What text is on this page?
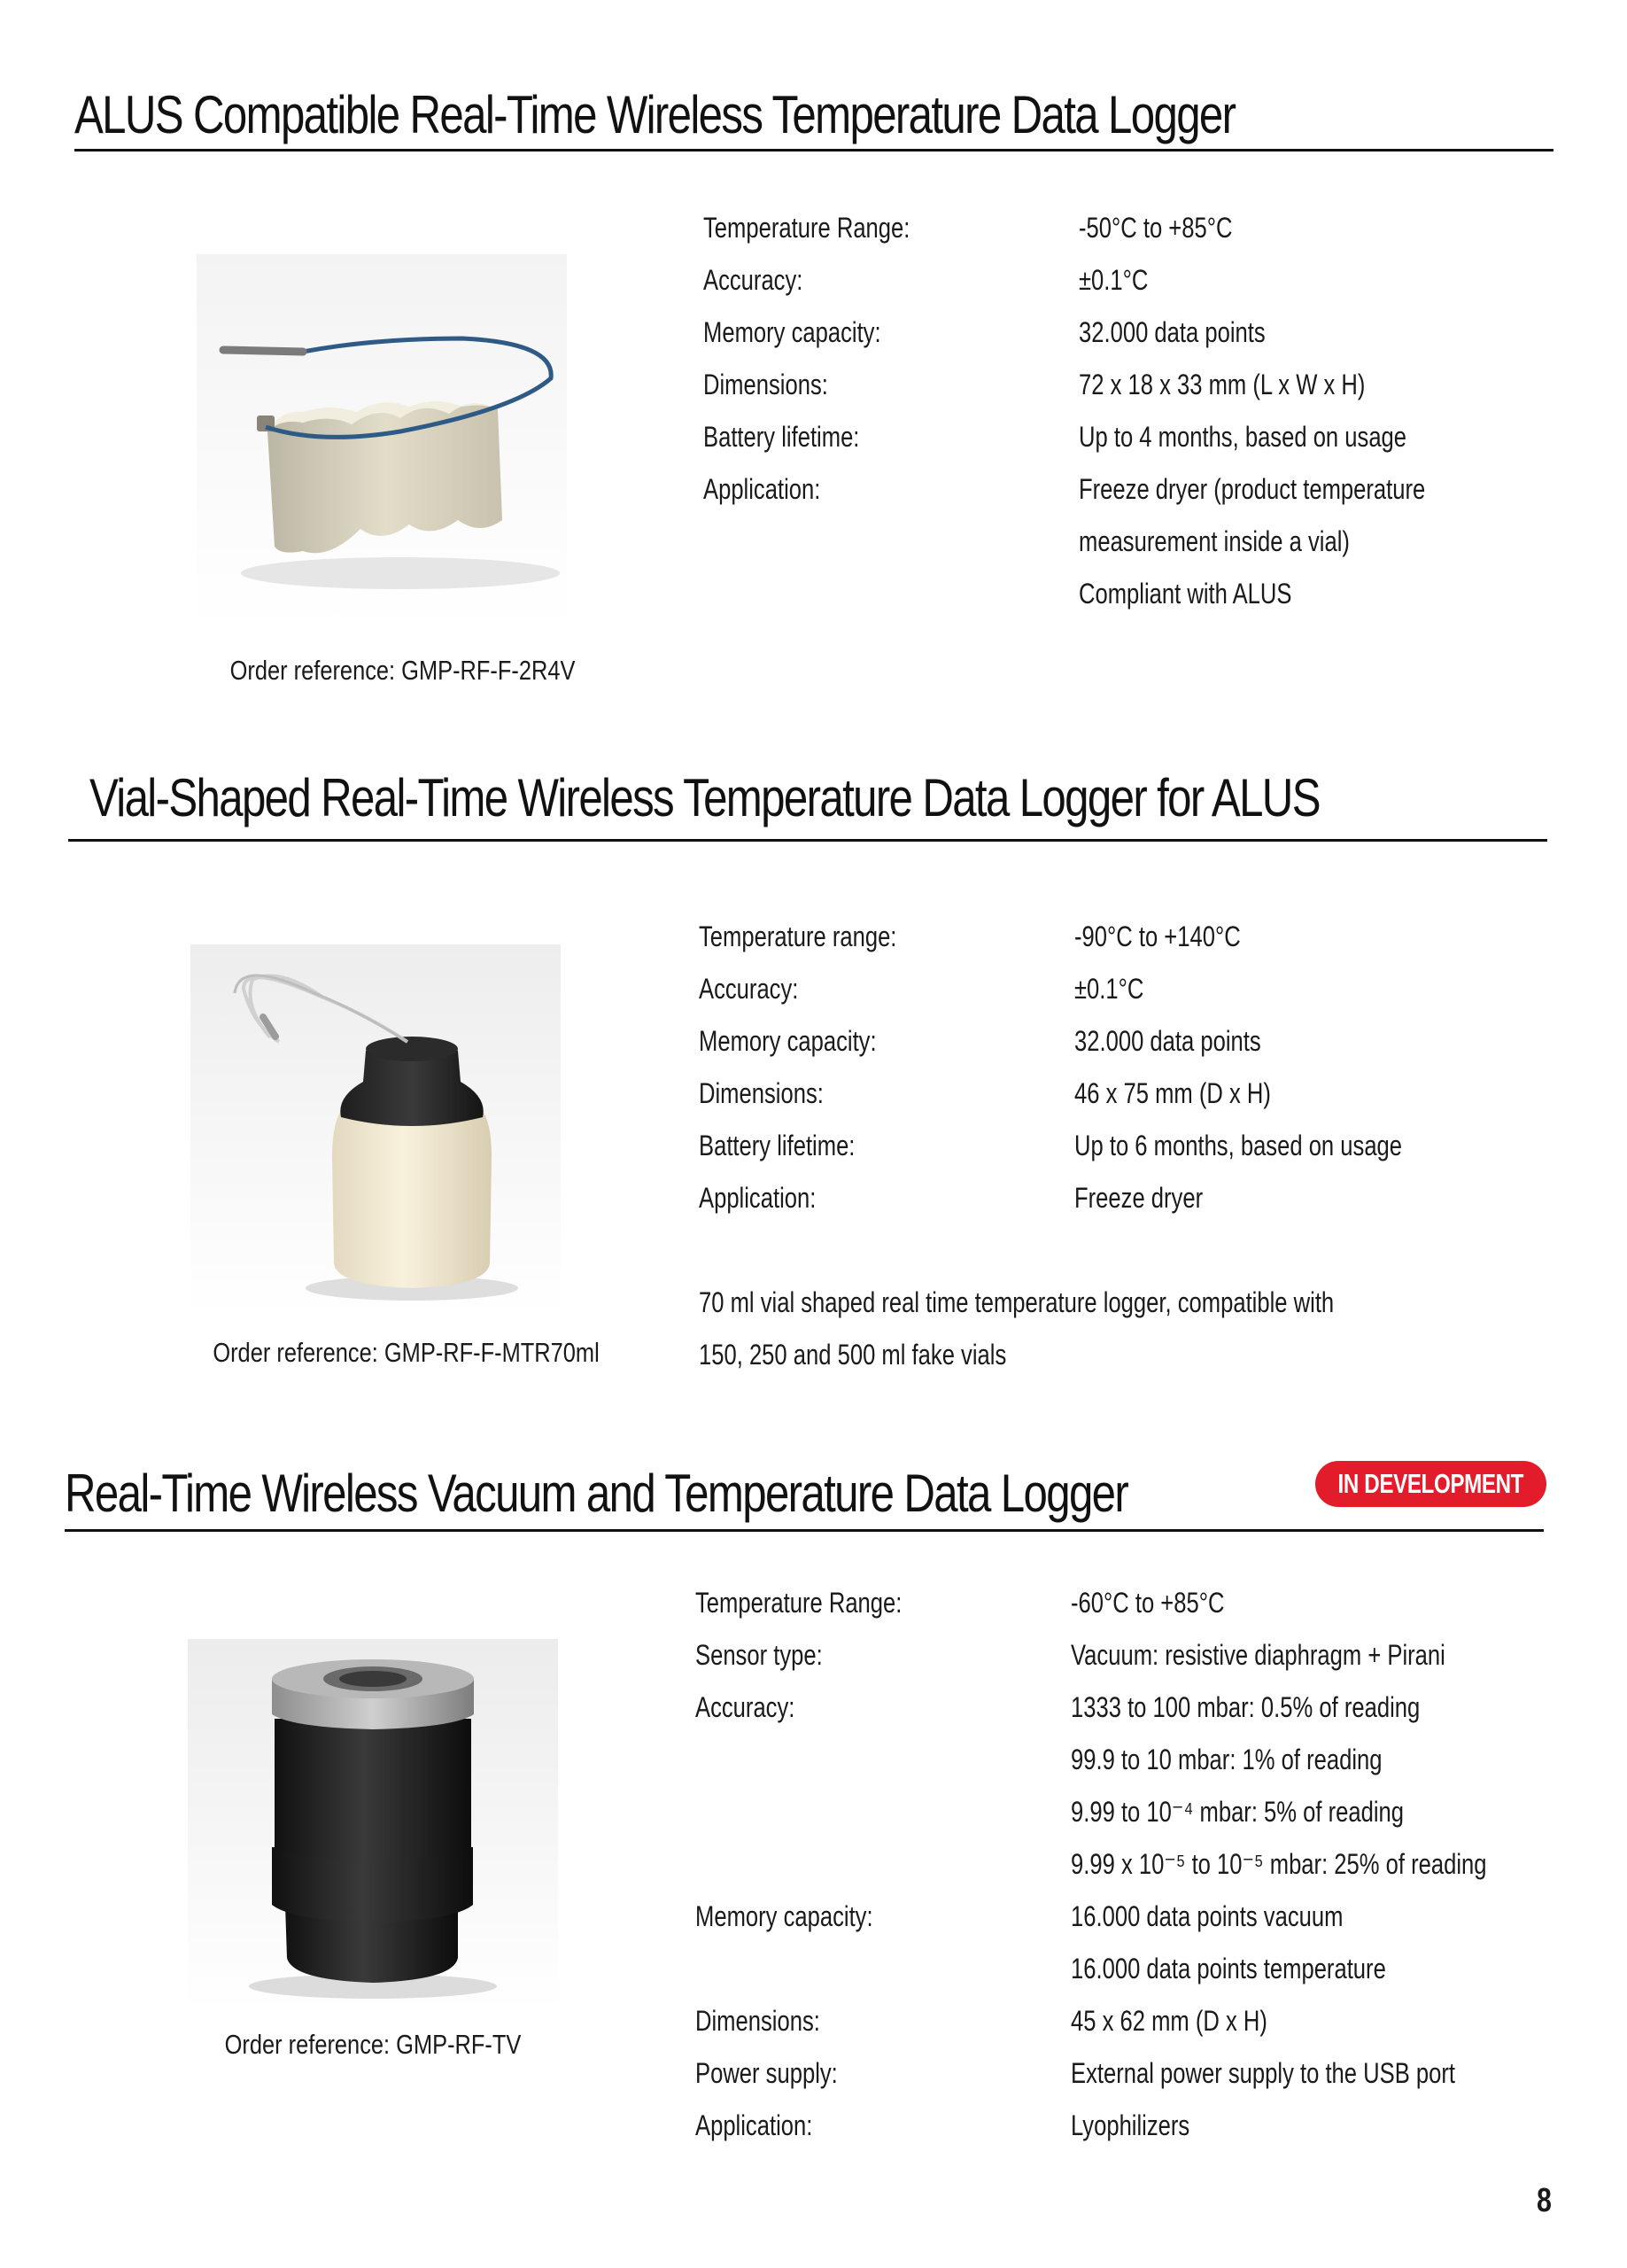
ALUS Compatible Real-Time Wireless Temperature Data Logger
Order reference: GMP-RF-F-2R4V
Temperature Range:	-50°C to +85°C
Accuracy:	±0.1°C
Memory capacity:	32.000 data points
Dimensions:	72 x 18 x 33 mm (L x W x H)
Battery lifetime:	Up to 4 months, based on usage
Application:	Freeze dryer (product temperature
measurement inside a vial)
Compliant with ALUS
Vial-Shaped Real-Time Wireless Temperature Data Logger for ALUS
Order reference: GMP-RF-F-MTR70ml
Temperature range:	-90°C to +140°C
Accuracy:	±0.1°C
Memory capacity:	32.000 data points
Dimensions:	46 x 75 mm (D x H)
Battery lifetime:	Up to 6 months, based on usage
Application:	Freeze dryer
70 ml vial shaped real time temperature logger, compatible with
150, 250 and 500 ml fake vials
Real-Time Wireless Vacuum and Temperature Data Logger	IN DEVELOPMENT
Order reference: GMP-RF-TV
Temperature Range:	-60°C to +85°C
Sensor type:	Vacuum: resistive diaphragm + Pirani
Accuracy:	1333 to 100 mbar: 0.5% of reading
99.9 to 10 mbar: 1% of reading
9.99 to 10⁻⁴ mbar: 5% of reading
9.99 x 10⁻⁵ to 10⁻⁵ mbar: 25% of reading
Memory capacity:	16.000 data points vacuum
16.000 data points temperature
Dimensions:	45 x 62 mm (D x H)
Power supply:	External power supply to the USB port
Application:	Lyophilizers
8
